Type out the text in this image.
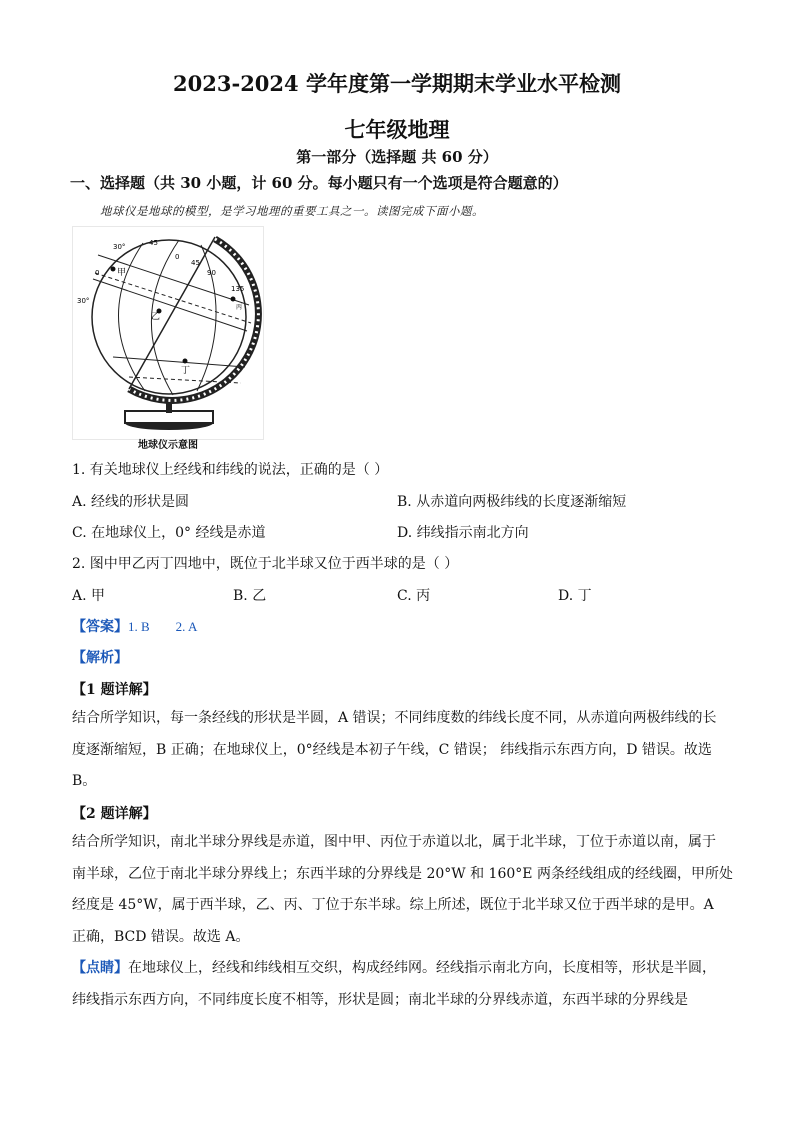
2023-2024 学年度第一学期期末学业水平检测
七年级地理
第一部分（选择题 共 60 分）
一、选择题（共 30 小题，计 60 分。每小题只有一个选项是符合题意的）
地球仪是地球的模型，是学习地理的重要工具之一。读图完成下面小题。
30°
0
30°
45
0
45
90
135
甲
乙
丙
丁
地球仪示意图
1. 有关地球仪上经线和纬线的说法，正确的是（ ）
A. 经线的形状是圆	B. 从赤道向两极纬线的长度逐渐缩短
C. 在地球仪上，0° 经线是赤道	D. 纬线指示南北方向
2. 图中甲乙丙丁四地中，既位于北半球又位于西半球的是（ ）
A. 甲	B. 乙	C. 丙	D. 丁
【答案】1. B        2. A
【解析】
【1 题详解】
结合所学知识，每一条经线的形状是半圆，A 错误；不同纬度数的纬线长度不同，从赤道向两极纬线的长
度逐渐缩短，B 正确；在地球仪上，0°经线是本初子午线，C 错误； 纬线指示东西方向，D 错误。故选
B。
【2 题详解】
结合所学知识，南北半球分界线是赤道，图中甲、丙位于赤道以北，属于北半球，丁位于赤道以南，属于
南半球，乙位于南北半球分界线上；东西半球的分界线是 20°W 和 160°E 两条经线组成的经线圈，甲所处
经度是 45°W，属于西半球，乙、丙、丁位于东半球。综上所述，既位于北半球又位于西半球的是甲。A
正确，BCD 错误。故选 A。
【点睛】在地球仪上，经线和纬线相互交织，构成经纬网。经线指示南北方向，长度相等，形状是半圆，
纬线指示东西方向，不同纬度长度不相等，形状是圆；南北半球的分界线赤道，东西半球的分界线是
